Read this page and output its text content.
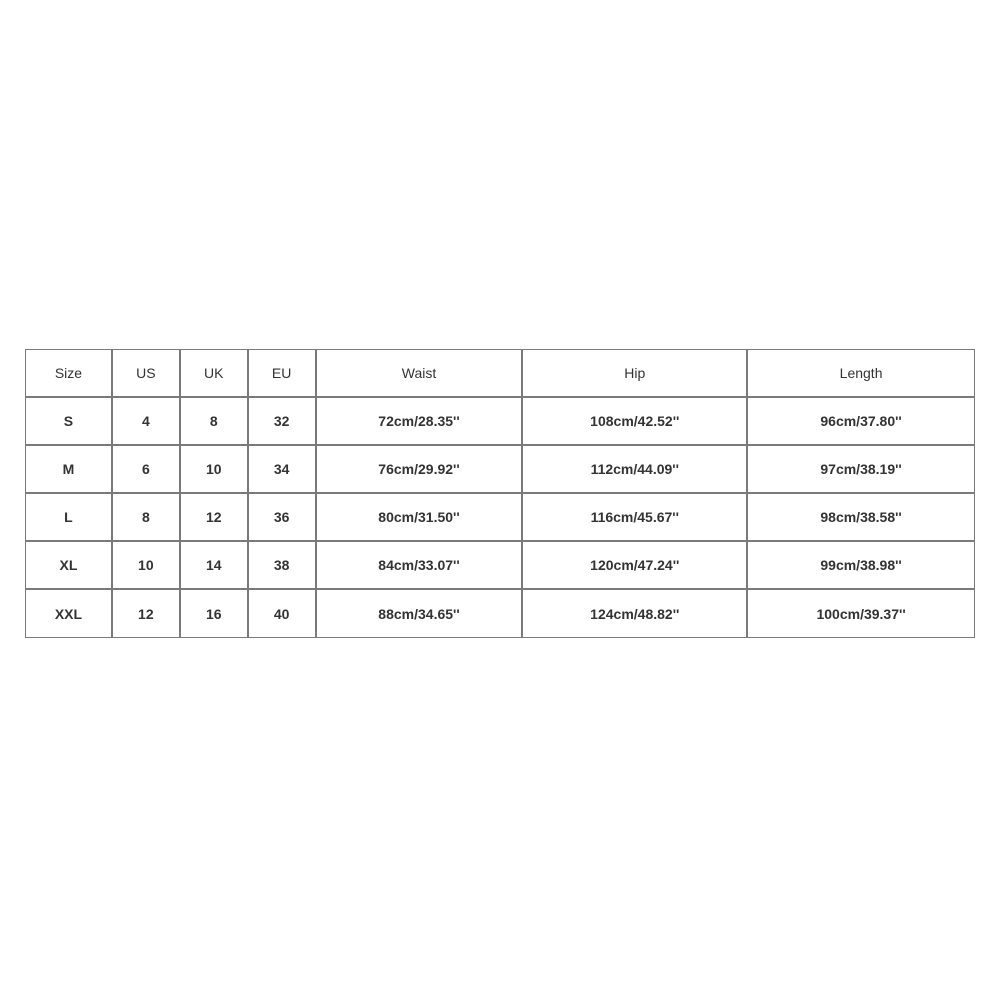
Size	US	UK	EU	Waist	Hip	Length
S	4	8	32	72cm/28.35''	108cm/42.52''	96cm/37.80''
M	6	10	34	76cm/29.92''	112cm/44.09''	97cm/38.19''
L	8	12	36	80cm/31.50''	116cm/45.67''	98cm/38.58''
XL	10	14	38	84cm/33.07''	120cm/47.24''	99cm/38.98''
XXL	12	16	40	88cm/34.65''	124cm/48.82''	100cm/39.37''
